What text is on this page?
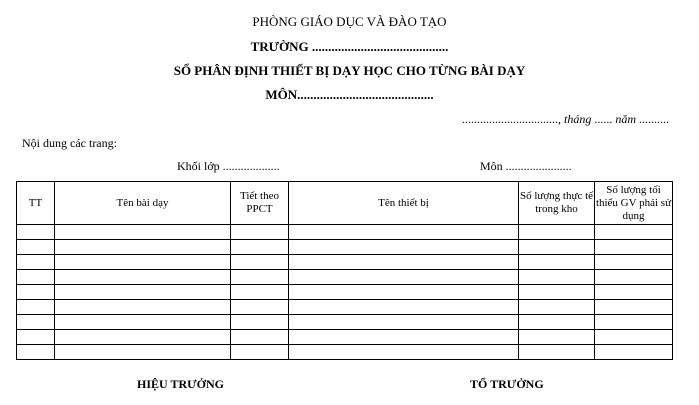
PHÒNG GIÁO DỤC VÀ ĐÀO TẠO
TRƯỜNG ..........................................
SỔ PHÂN ĐỊNH THIẾT BỊ DẠY HỌC CHO TỪNG BÀI DẠY
MÔN..........................................
................................, tháng ...... năm ..........
Nội dung các trang:
Khối lớp ...................	Môn ......................
TT	Tên bài dạy	Tiết theo PPCT	Tên thiết bị	Số lượng thực tế trong kho	Số lượng tối thiểu GV phải sử dụng

HIỆU TRƯỞNG	TỔ TRƯỞNG
